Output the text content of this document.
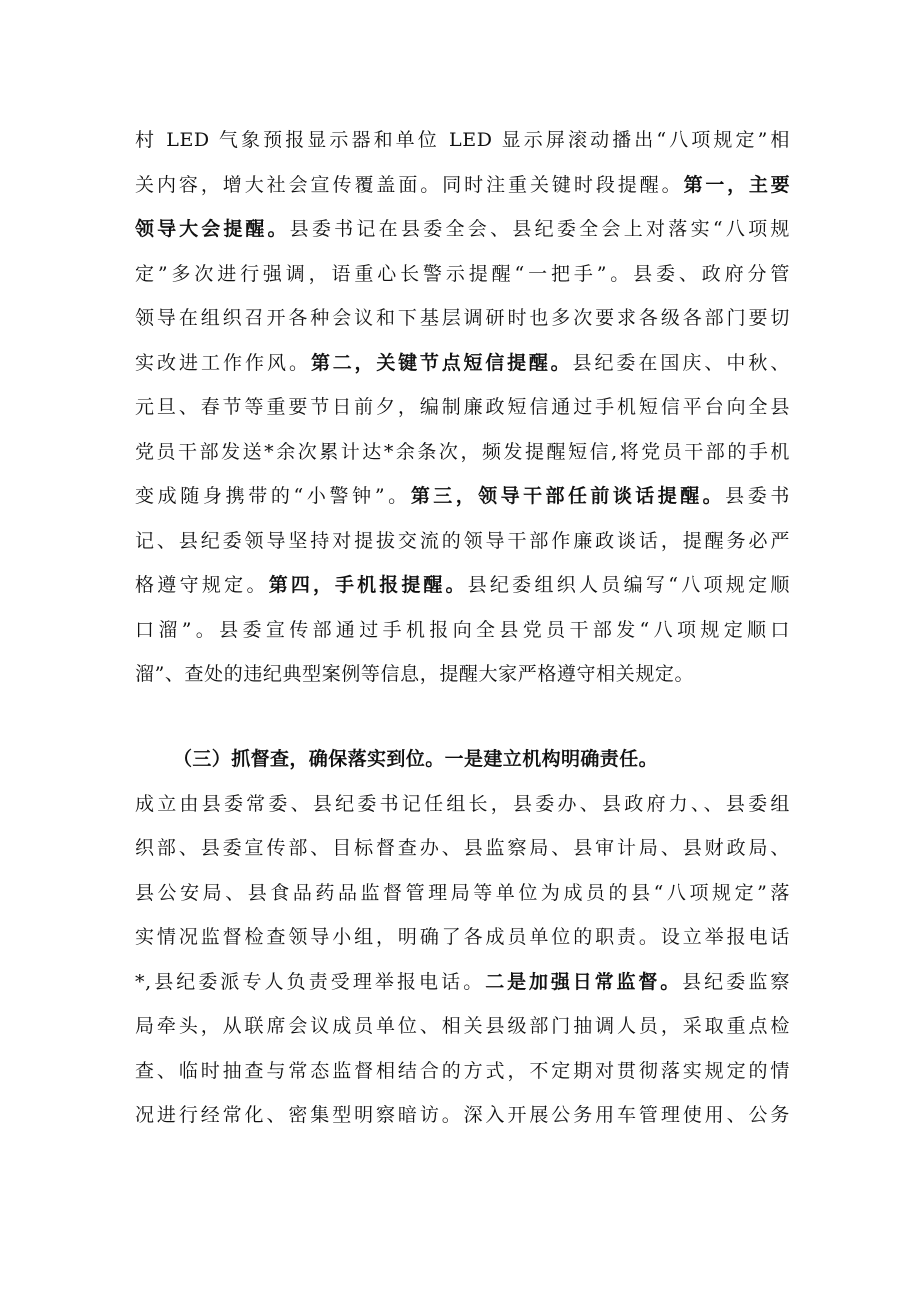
村 LED 气象预报显示器和单位 LED 显示屏滚动播出“八项规定”相
关内容，增大社会宣传覆盖面。同时注重关键时段提醒。第一，主要
领导大会提醒。县委书记在县委全会、县纪委全会上对落实“八项规
定”多次进行强调，语重心长警示提醒“一把手”。县委、政府分管
领导在组织召开各种会议和下基层调研时也多次要求各级各部门要切
实改进工作作风。第二，关键节点短信提醒。县纪委在国庆、中秋、
元旦、春节等重要节日前夕，编制廉政短信通过手机短信平台向全县
党员干部发送*余次累计达*余条次，频发提醒短信,将党员干部的手机
变成随身携带的“小警钟”。第三，领导干部任前谈话提醒。县委书
记、县纪委领导坚持对提拔交流的领导干部作廉政谈话，提醒务必严
格遵守规定。第四，手机报提醒。县纪委组织人员编写“八项规定顺
口溜”。县委宣传部通过手机报向全县党员干部发“八项规定顺口
溜”、查处的违纪典型案例等信息，提醒大家严格遵守相关规定。
（三）抓督查，确保落实到位。一是建立机构明确责任。
成立由县委常委、县纪委书记任组长，县委办、县政府力、、县委组
织部、县委宣传部、目标督查办、县监察局、县审计局、县财政局、
县公安局、县食品药品监督管理局等单位为成员的县“八项规定”落
实情况监督检查领导小组，明确了各成员单位的职责。设立举报电话
*,县纪委派专人负责受理举报电话。二是加强日常监督。县纪委监察
局牵头，从联席会议成员单位、相关县级部门抽调人员，采取重点检
查、临时抽查与常态监督相结合的方式，不定期对贯彻落实规定的情
况进行经常化、密集型明察暗访。深入开展公务用车管理使用、公务
